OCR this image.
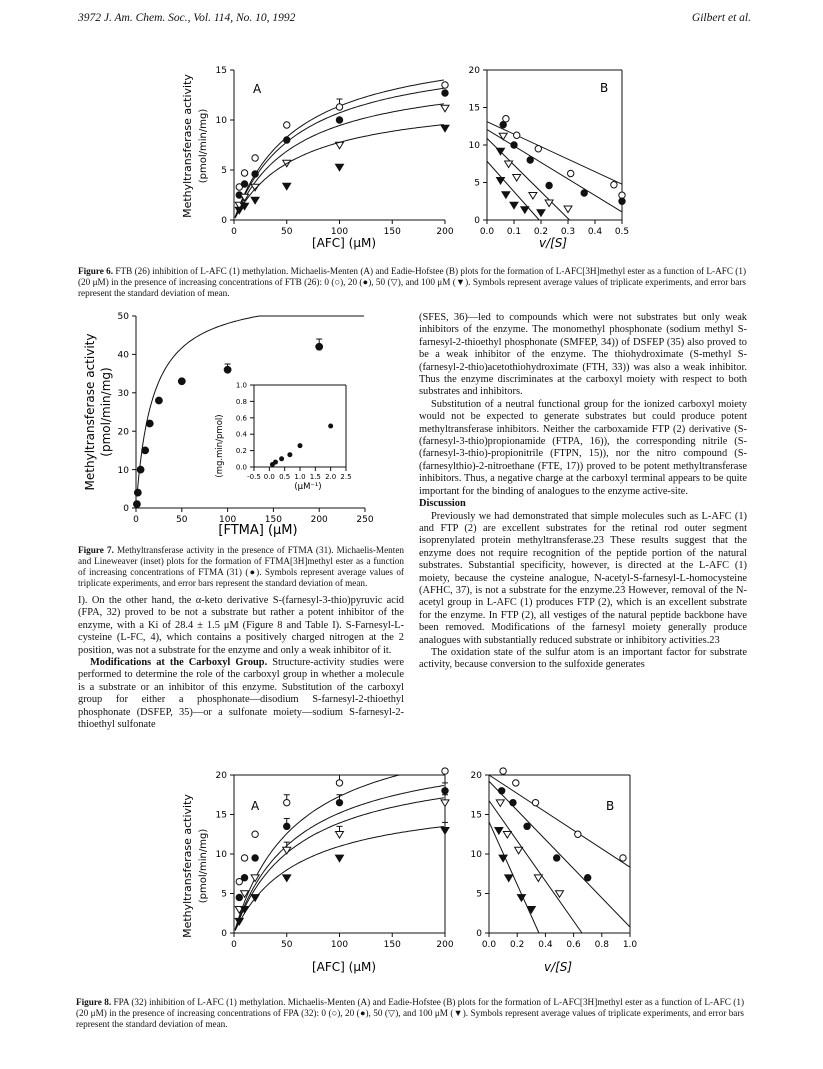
3972 J. Am. Chem. Soc., Vol. 114, No. 10, 1992	Gilbert et al.
Methyltransferase activity (pmol/min/mg)
[AFC] (μM)	v/[S]
A	B
0	50	100	150	200
0
5
10
15
0.0 0.1 0.2 0.3 0.4 0.5
0
5
10
15
20
Figure 6. FTB (26) inhibition of L-AFC (1) methylation. Michaelis-Menten (A) and Eadie-Hofstee (B) plots for the formation of L-AFC[3H]methyl ester as a function of L-AFC (1) (20 μM) in the presence of increasing concentrations of FTB (26): 0 (○), 20 (●), 50 (▽), and 100 μM (▼). Symbols represent average values of triplicate experiments, and error bars represent the standard deviation of mean.
Methyltransferase activity (pmol/min/mg)
[FTMA] (μM)
0	50	100	150	200	250
0
10
20
30
40
50
-0.5 0.0 0.5 1.0 1.5 2.0 2.5
0.0
0.2
0.4
0.6
0.8
1.0
(mg.min/pmol)
(μM⁻¹)
Figure 7. Methyltransferase activity in the presence of FTMA (31). Michaelis-Menten and Lineweaver (inset) plots for the formation of FTMA[3H]methyl ester as a function of increasing concentrations of FTMA (31) (●). Symbols represent average values of triplicate experiments, and error bars represent the standard deviation of mean.

I). On the other hand, the α-keto derivative S-(farnesyl-3-thio)pyruvic acid (FPA, 32) proved to be not a substrate but rather a potent inhibitor of the enzyme, with a Ki of 28.4 ± 1.5 μM (Figure 8 and Table I). S-Farnesyl-L-cysteine (L-FC, 4), which contains a positively charged nitrogen at the 2 position, was not a substrate for the enzyme and only a weak inhibitor of it.

Modifications at the Carboxyl Group. Structure-activity studies were performed to determine the role of the carboxyl group in whether a molecule is a substrate or an inhibitor of this enzyme. Substitution of the carboxyl group for either a phosphonate—disodium S-farnesyl-2-thioethyl phosphonate (DSFEP, 35)—or a sulfonate moiety—sodium S-farnesyl-2-thioethyl sulfonate

(SFES, 36)—led to compounds which were not substrates but only weak inhibitors of the enzyme. The monomethyl phosphonate (sodium methyl S-farnesyl-2-thioethyl phosphonate (SMFEP, 34)) of DSFEP (35) also proved to be a weak inhibitor of the enzyme. The thiohydroximate (S-methyl S-(farnesyl-2-thio)acetothiohydroximate (FTH, 33)) was also a weak inhibitor. Thus the enzyme discriminates at the carboxyl moiety with respect to both substrates and inhibitors.

Substitution of a neutral functional group for the ionized carboxyl moiety would not be expected to generate substrates but could produce potent methyltransferase inhibitors. Neither the carboxamide FTP (2) derivative (S-(farnesyl-3-thio)propionamide (FTPA, 16)), the corresponding nitrile (S-(farnesyl-3-thio)-propionitrile (FTPN, 15)), nor the nitro compound (S-(farnesylthio)-2-nitroethane (FTE, 17)) proved to be potent methyltransferase inhibitors. Thus, a negative charge at the carboxyl terminal appears to be quite important for the binding of analogues to the enzyme active-site.

Discussion

Previously we had demonstrated that simple molecules such as L-AFC (1) and FTP (2) are excellent substrates for the retinal rod outer segment isoprenylated protein methyltransferase.23 These results suggest that the enzyme does not require recognition of the peptide portion of the natural substrates. Substantial specificity, however, is directed at the L-AFC (1) moiety, because the cysteine analogue, N-acetyl-S-farnesyl-L-homocysteine (AFHC, 37), is not a substrate for the enzyme.23 However, removal of the N-acetyl group in L-AFC (1) produces FTP (2), which is an excellent substrate for the enzyme. In FTP (2), all vestiges of the natural peptide backbone have been removed. Modifications of the farnesyl moiety generally produce analogues with substantially reduced substrate or inhibitory activities.23

The oxidation state of the sulfur atom is an important factor for substrate activity, because conversion to the sulfoxide generates

Methyltransferase activity (pmol/min/mg)
[AFC] (μM)	v/[S]
A	B
0	50	100	150	200
0
5
10
15
20
0.0 0.2 0.4 0.6 0.8 1.0
0
5
10
15
20
Figure 8. FPA (32) inhibition of L-AFC (1) methylation. Michaelis-Menten (A) and Eadie-Hofstee (B) plots for the formation of L-AFC[3H]methyl ester as a function of L-AFC (1) (20 μM) in the presence of increasing concentrations of FPA (32): 0 (○), 20 (●), 50 (▽), and 100 μM (▼). Symbols represent average values of triplicate experiments, and error bars represent the standard deviation of mean.
